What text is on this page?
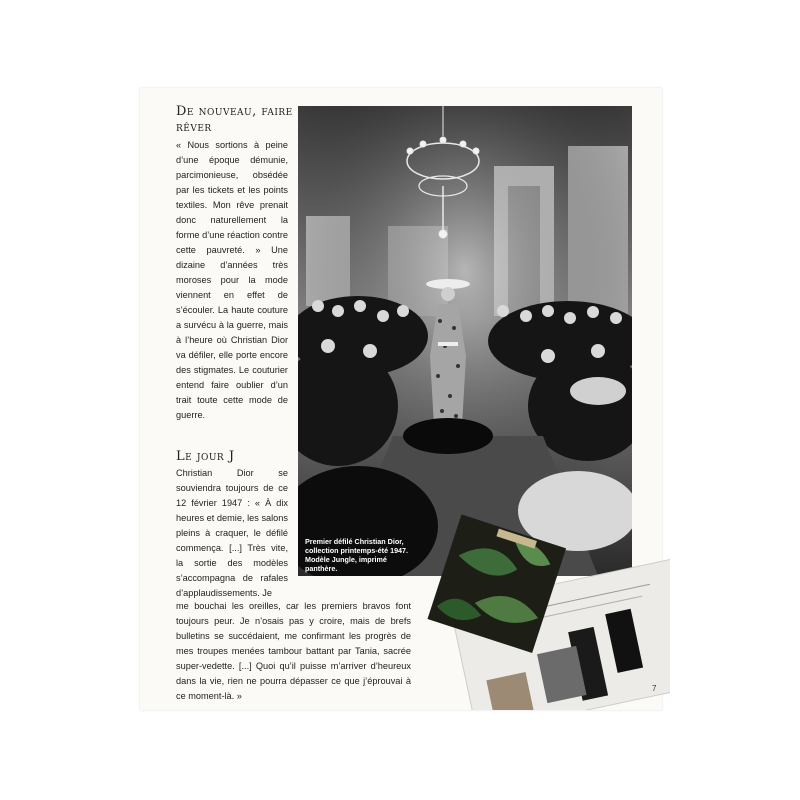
De nouveau, faire rêver
« Nous sortions à peine d’une époque démunie, parcimonieuse, obsédée par les tickets et les points textiles. Mon rêve prenait donc naturellement la forme d’une réaction contre cette pauvreté. » Une dizaine d’années très moroses pour la mode viennent en effet de s’écouler. La haute couture a survécu à la guerre, mais à l’heure où Christian Dior va défiler, elle porte encore des stigmates. Le couturier entend faire oublier d’un trait toute cette mode de guerre.
Le jour J
Christian Dior se souviendra toujours de ce 12 février 1947 : « À dix heures et demie, les salons pleins à craquer, le défilé commença. [...] Très vite, la sortie des modèles s’accompagna de rafales d’applaudissements. Je
me bouchai les oreilles, car les premiers bravos font toujours peur. Je n’osais pas y croire, mais de brefs bulletins se succédaient, me confirmant les progrès de mes troupes menées tambour battant par Tania, sacrée super-vedette. [...] Quoi qu’il puisse m’arriver d’heureux dans la vie, rien ne pourra dépasser ce que j’éprouvai à ce moment-là. »
Premier défilé Christian Dior,
collection printemps-été 1947.
Modèle Jungle, imprimé panthère.
7
